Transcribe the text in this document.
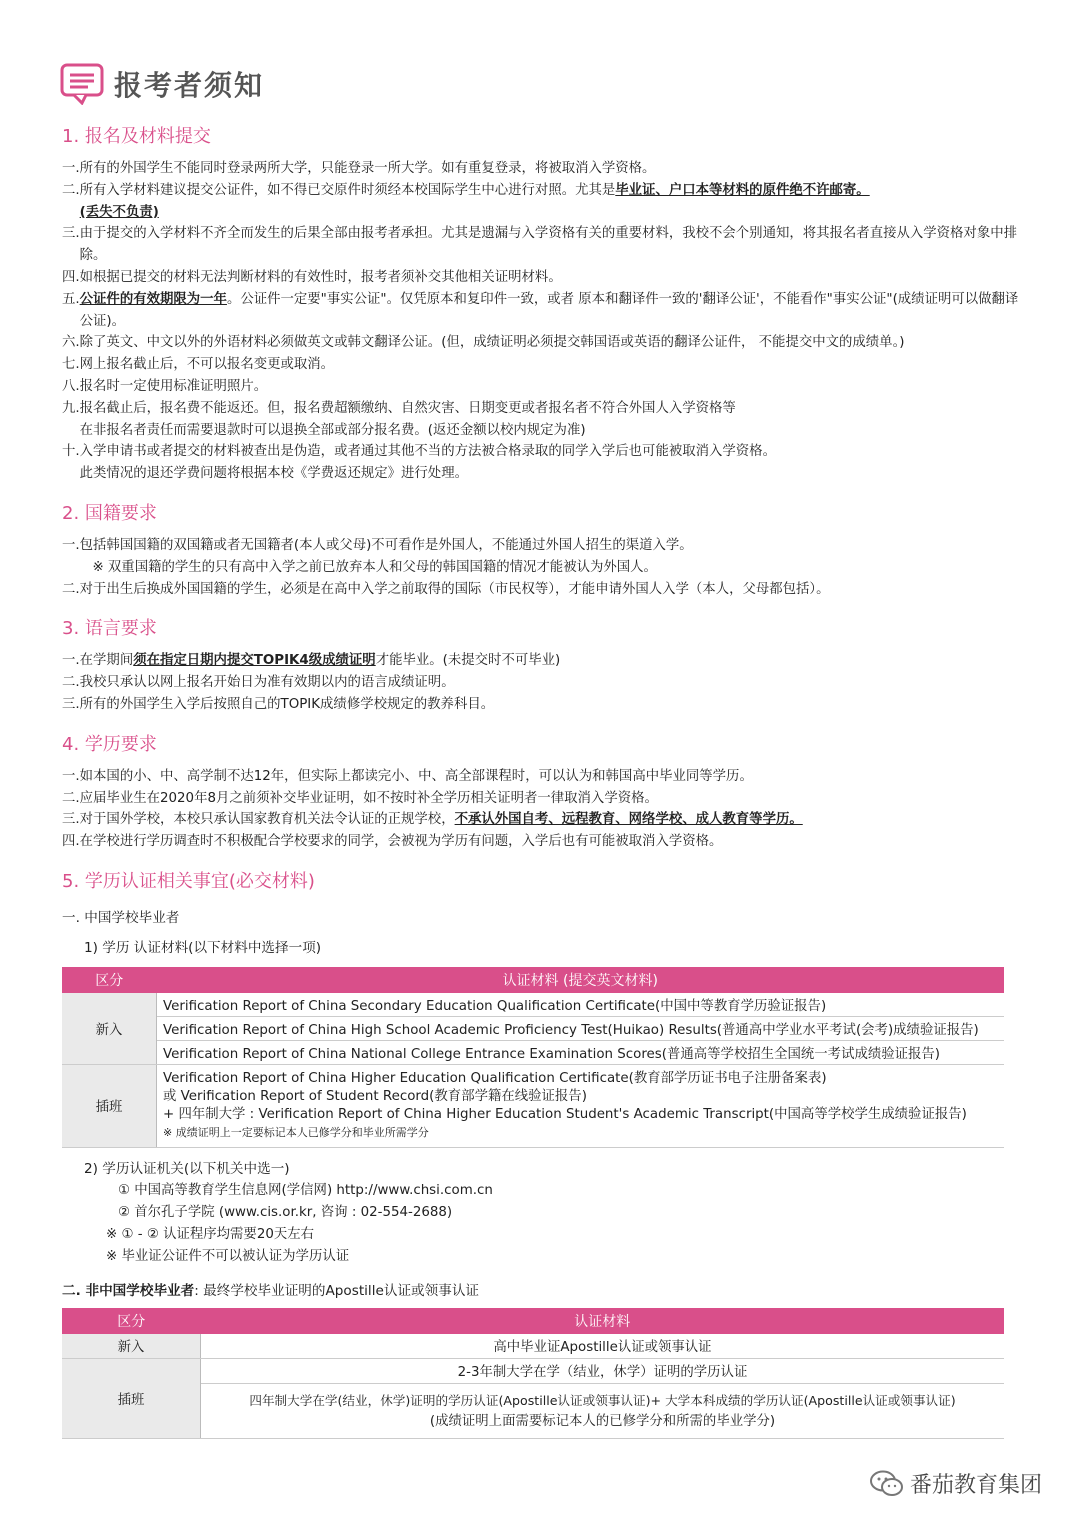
报考者须知
1. 报名及材料提交
一. 所有的外国学生不能同时登录两所大学，只能登录一所大学。如有重复登录，将被取消入学资格。
二. 所有入学材料建议提交公证件，如不得已交原件时须经本校国际学生中心进行对照。尤其是毕业证、户口本等材料的原件绝不许邮寄。
(丢失不负责)
三. 由于提交的入学材料不齐全而发生的后果全部由报考者承担。尤其是遗漏与入学资格有关的重要材料，我校不会个别通知，将其报名者直接从入学资格对象中排除。
四. 如根据已提交的材料无法判断材料的有效性时，报考者须补交其他相关证明材料。
五. 公证件的有效期限为一年。公证件一定要"事实公证"。仅凭原本和复印件一致，或者 原本和翻译件一致的'翻译公证'，不能看作"事实公证"(成绩证明可以做翻译公证)。
六. 除了英文、中文以外的外语材料必须做英文或韩文翻译公证。(但，成绩证明必须提交韩国语或英语的翻译公证件， 不能提交中文的成绩单。)
七. 网上报名截止后，不可以报名变更或取消。
八. 报名时一定使用标准证明照片。
九. 报名截止后，报名费不能返还。但，报名费超额缴纳、自然灾害、日期变更或者报名者不符合外国人入学资格等
在非报名者责任而需要退款时可以退换全部或部分报名费。(返还金额以校内规定为准)
十. 入学申请书或者提交的材料被查出是伪造，或者通过其他不当的方法被合格录取的同学入学后也可能被取消入学资格。
此类情况的退还学费问题将根据本校《学费返还规定》进行处理。
2. 国籍要求
一. 包括韩国国籍的双国籍或者无国籍者(本人或父母)不可看作是外国人，不能通过外国人招生的渠道入学。
※ 双重国籍的学生的只有高中入学之前已放弃本人和父母的韩国国籍的情况才能被认为外国人。
二. 对于出生后换成外国国籍的学生，必须是在高中入学之前取得的国际（市民权等），才能申请外国人入学（本人，父母都包括）。
3. 语言要求
一. 在学期间须在指定日期内提交TOPIK4级成绩证明才能毕业。(未提交时不可毕业)
二. 我校只承认以网上报名开始日为准有效期以内的语言成绩证明。
三. 所有的外国学生入学后按照自己的TOPIK成绩修学校规定的教养科目。
4. 学历要求
一. 如本国的小、中、高学制不达12年，但实际上都读完小、中、高全部课程时，可以认为和韩国高中毕业同等学历。
二. 应届毕业生在2020年8月之前须补交毕业证明，如不按时补全学历相关证明者一律取消入学资格。
三. 对于国外学校，本校只承认国家教育机关法令认证的正规学校，不承认外国自考、远程教育、网络学校、成人教育等学历。
四. 在学校进行学历调查时不积极配合学校要求的同学，会被视为学历有问题，入学后也有可能被取消入学资格。
5. 学历认证相关事宜(必交材料)
一. 中国学校毕业者
1) 学历 认证材料(以下材料中选择一项)
区分	认证材料 (提交英文材料)
新入	Verification Report of China Secondary Education Qualification Certificate(中国中等教育学历验证报告)
	Verification Report of China High School Academic Proficiency Test(Huikao) Results(普通高中学业水平考试(会考)成绩验证报告)
	Verification Report of China National College Entrance Examination Scores(普通高等学校招生全国统一考试成绩验证报告)
插班	Verification Report of China Higher Education Qualification Certificate(教育部学历证书电子注册备案表)
或 Verification Report of Student Record(教育部学籍在线验证报告)
+ 四年制大学 : Verification Report of China Higher Education Student's Academic Transcript(中国高等学校学生成绩验证报告)
※ 成绩证明上一定要标记本人已修学分和毕业所需学分
2) 学历认证机关(以下机关中选一)
① 中国高等教育学生信息网(学信网) http://www.chsi.com.cn
② 首尔孔子学院 (www.cis.or.kr, 咨询 : 02-554-2688)
※ ① - ② 认证程序均需要20天左右
※ 毕业证公证件不可以被认证为学历认证
二. 非中国学校毕业者: 最终学校毕业证明的Apostille认证或领事认证
区分	认证材料
新入	高中毕业证Apostille认证或领事认证
插班	2-3年制大学在学（结业，休学）证明的学历认证

	四年制大学在学(结业，休学)证明的学历认证(Apostille认证或领事认证)+ 大学本科成绩的学历认证(Apostille认证或领事认证)
(成绩证明上面需要标记本人的已修学分和所需的毕业学分)
番茄教育集团
